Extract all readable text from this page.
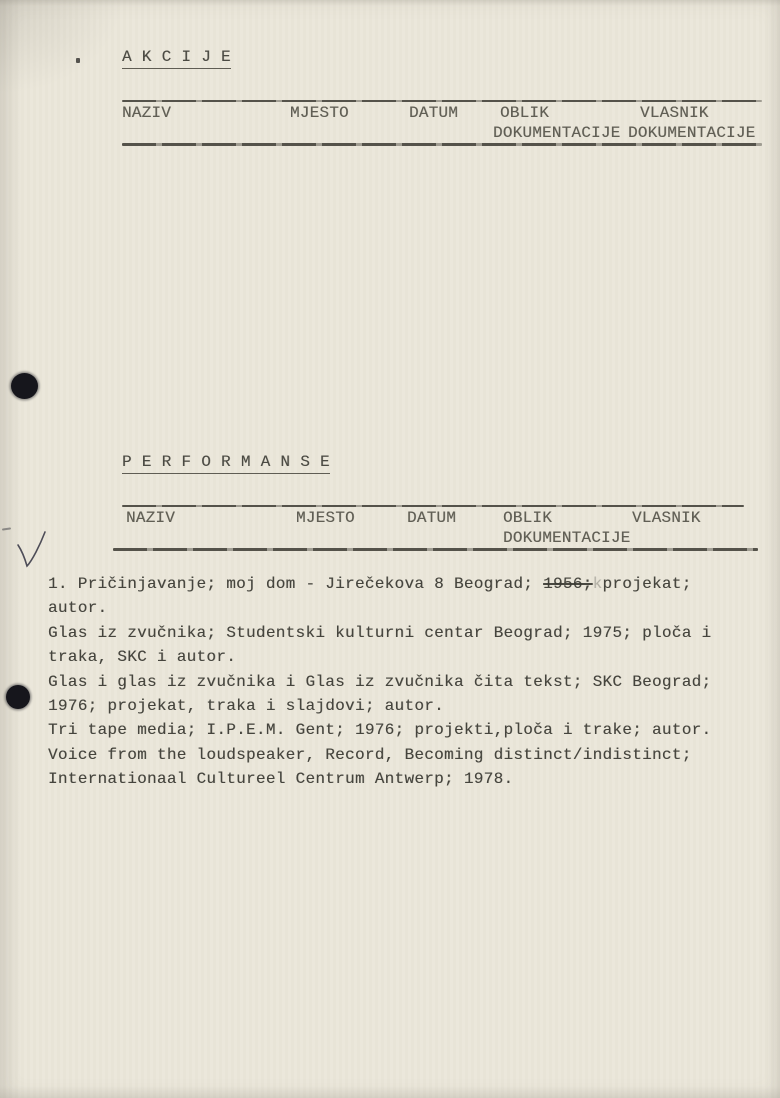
A K C I J E
NAZIV	MJESTO	DATUM	OBLIK	VLASNIK
DOKUMENTACIJE DOKUMENTACIJE
P E R F O R M A N S E
NAZIV	MJESTO	DATUM	OBLIK	VLASNIK
DOKUMENTACIJE
1. Pričinjavanje; moj dom - Jirečekova 8 Beograd; 1956;kprojekat;
autor.
Glas iz zvučnika; Studentski kulturni centar Beograd; 1975; ploča i
traka, SKC i autor.
Glas i glas iz zvučnika i Glas iz zvučnika čita tekst; SKC Beograd;
1976; projekat, traka i slajdovi; autor.
Tri tape media; I.P.E.M. Gent; 1976; projekti,ploča i trake; autor.
Voice from the loudspeaker, Record, Becoming distinct/indistinct;
Internationaal Cultureel Centrum Antwerp; 1978.
